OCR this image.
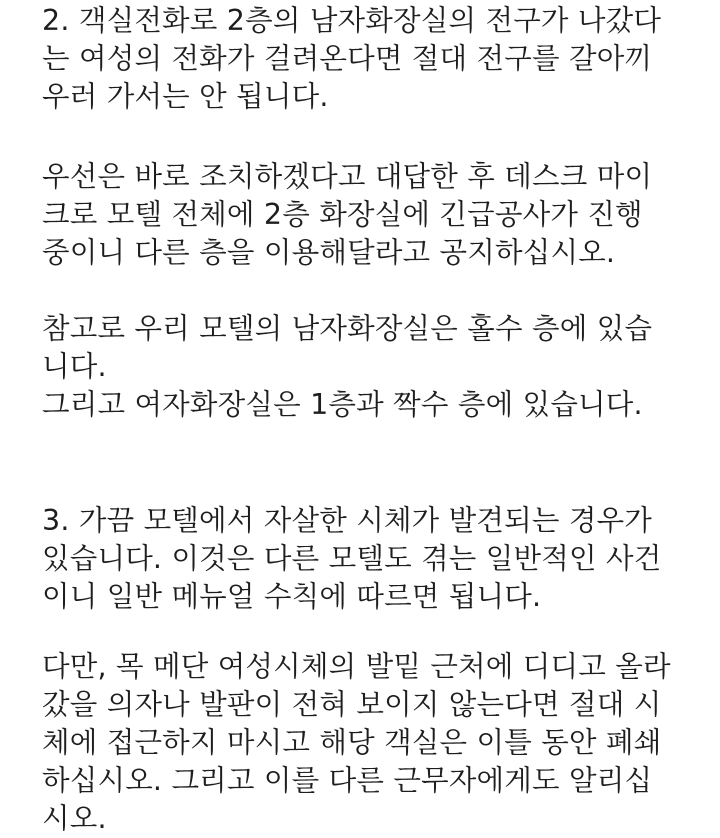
2. 객실전화로 2층의 남자화장실의 전구가 나갔다
는 여성의 전화가 걸려온다면 절대 전구를 갈아끼
우러 가서는 안 됩니다.
우선은 바로 조치하겠다고 대답한 후 데스크 마이
크로 모텔 전체에 2층 화장실에 긴급공사가 진행
중이니 다른 층을 이용해달라고 공지하십시오.
참고로 우리 모텔의 남자화장실은 홀수 층에 있습
니다.
그리고 여자화장실은 1층과 짝수 층에 있습니다.
3. 가끔 모텔에서 자살한 시체가 발견되는 경우가
있습니다. 이것은 다른 모텔도 겪는 일반적인 사건
이니 일반 메뉴얼 수칙에 따르면 됩니다.
다만, 목 메단 여성시체의 발밑 근처에 디디고 올라
갔을 의자나 발판이 전혀 보이지 않는다면 절대 시
체에 접근하지 마시고 해당 객실은 이틀 동안 폐쇄
하십시오. 그리고 이를 다른 근무자에게도 알리십
시오.
